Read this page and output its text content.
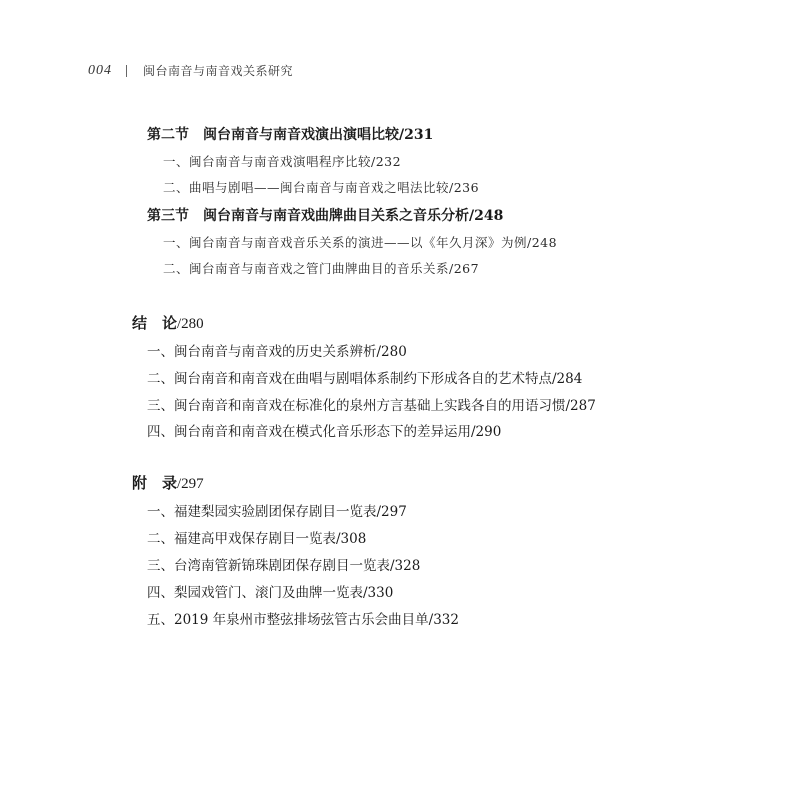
004	闽台南音与南音戏关系研究
第二节　闽台南音与南音戏演出演唱比较/231
一、闽台南音与南音戏演唱程序比较/232
二、曲唱与剧唱——闽台南音与南音戏之唱法比较/236
第三节　闽台南音与南音戏曲牌曲目关系之音乐分析/248
一、闽台南音与南音戏音乐关系的演进——以《年久月深》为例/248
二、闽台南音与南音戏之管门曲牌曲目的音乐关系/267
结　论/280
一、闽台南音与南音戏的历史关系辨析/280
二、闽台南音和南音戏在曲唱与剧唱体系制约下形成各自的艺术特点/284
三、闽台南音和南音戏在标准化的泉州方言基础上实践各自的用语习惯/287
四、闽台南音和南音戏在模式化音乐形态下的差异运用/290
附　录/297
一、福建梨园实验剧团保存剧目一览表/297
二、福建高甲戏保存剧目一览表/308
三、台湾南管新锦珠剧团保存剧目一览表/328
四、梨园戏管门、滚门及曲牌一览表/330
五、2019 年泉州市整弦排场弦管古乐会曲目单/332
